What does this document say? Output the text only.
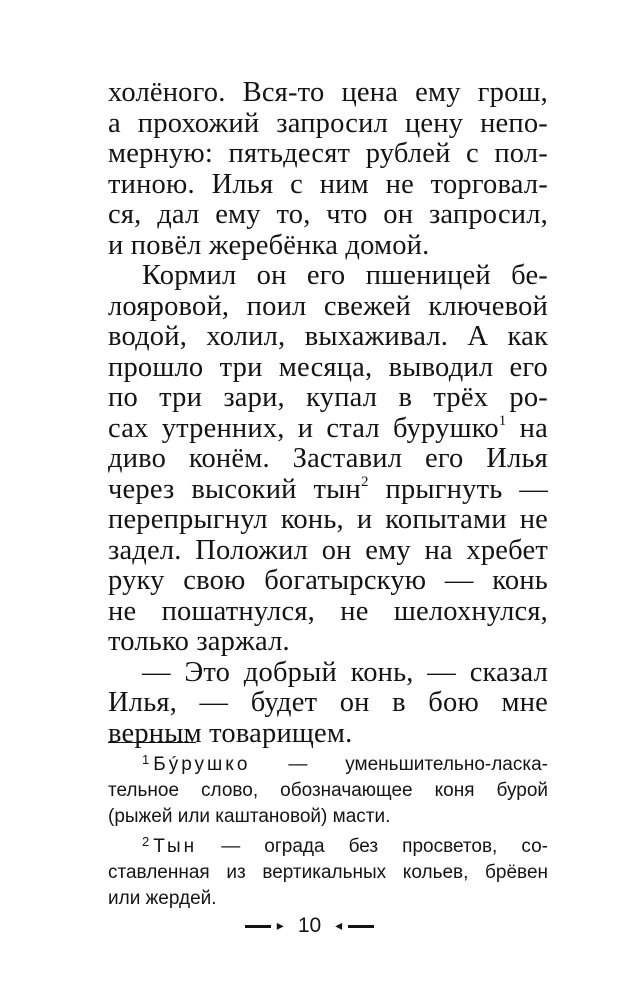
холёного. Вся-то цена ему грош,
а прохожий запросил цену непо-
мерную: пятьдесят рублей с пол-
тиною. Илья с ним не торговал-
ся, дал ему то, что он запросил,
и повёл жеребёнка домой.
Кормил он его пшеницей бе-
лояровой, поил свежей ключевой
водой, холил, выхаживал. А как
прошло три месяца, выводил его
по три зари, купал в трёх ро-
сах утренних, и стал бурушко$^1$ на
диво конём. Заставил его Илья
через высокий тын$^2$ прыгнуть —
перепрыгнул конь, и копытами не
задел. Положил он ему на хребет
руку свою богатырскую — конь
не пошатнулся, не шелохнулся,
только заржал.
— Это добрый конь, — сказал
Илья, — будет он в бою мне
верным товарищем.
$^1$ Бýрушко — уменьшительно-ласка-
тельное слово, обозначающее коня бурой
(рыжей или каштановой) масти.
$^2$ Тын — ограда без просветов, со-
ставленная из вертикальных кольев, брёвен
или жердей.
▸ 10 ◂
